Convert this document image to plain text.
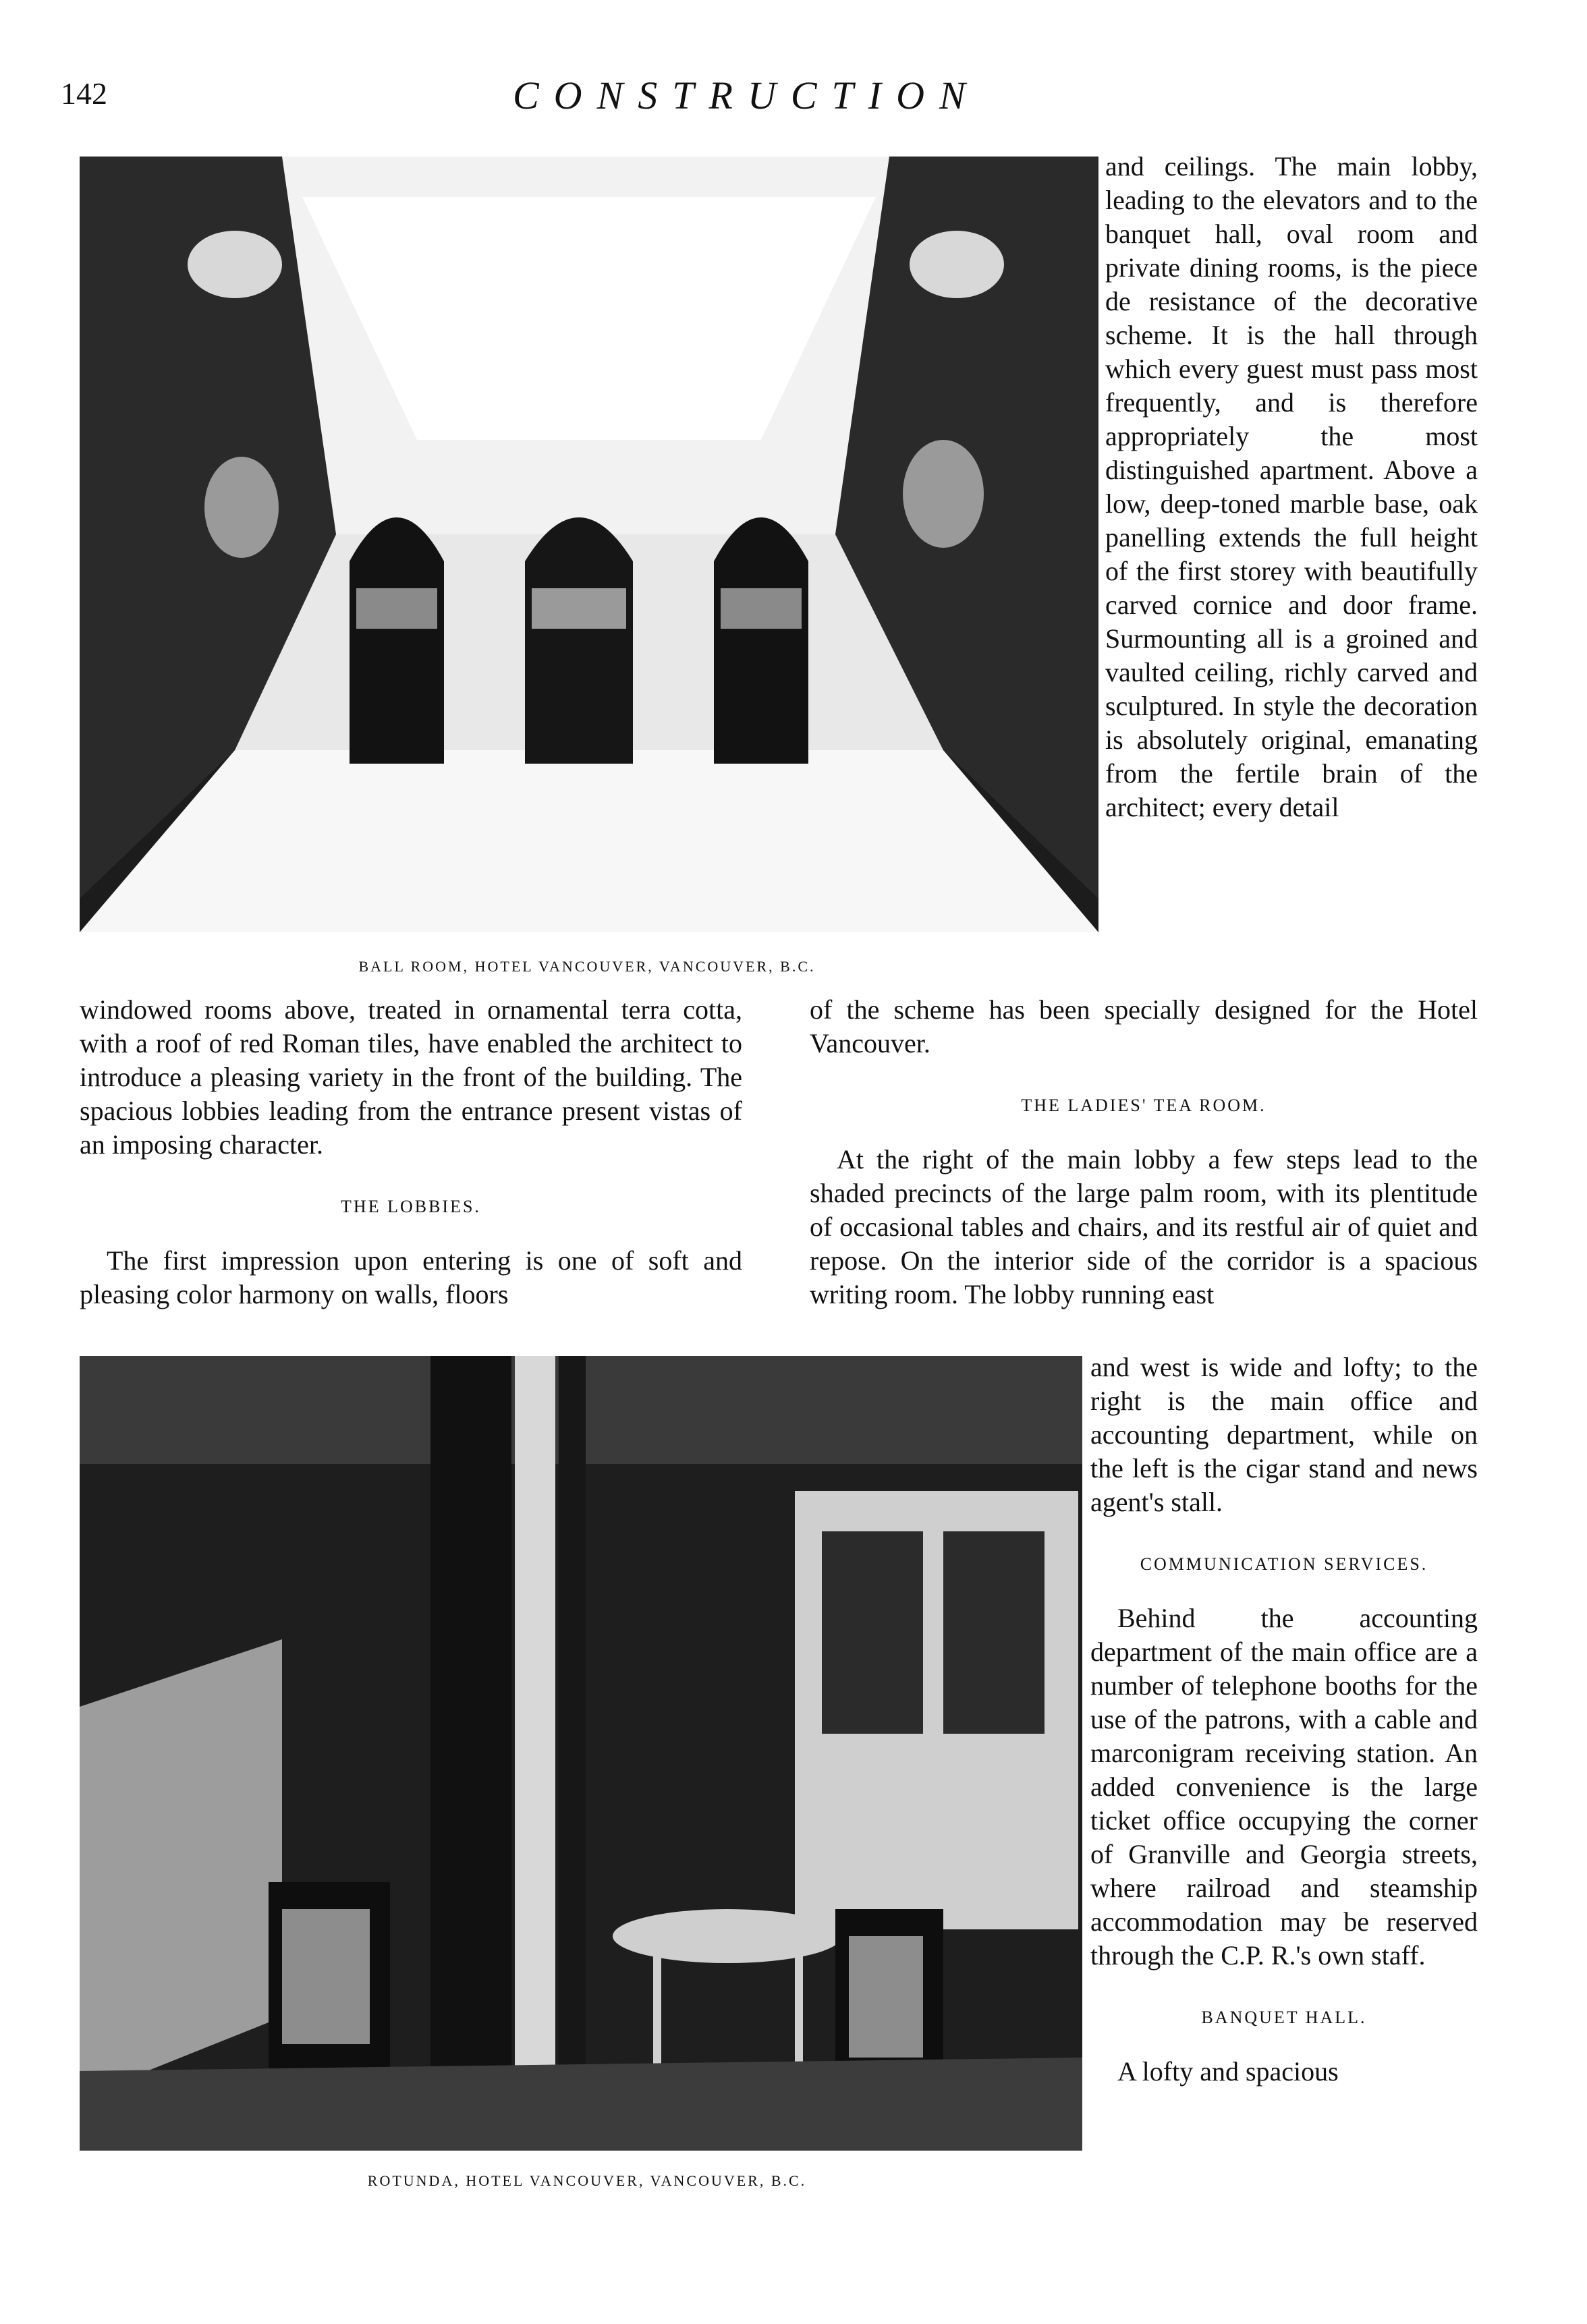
142	CONSTRUCTION
BALL ROOM, HOTEL VANCOUVER, VANCOUVER, B.C.

and ceilings. The main lobby, leading to the elevators and to the banquet hall, oval room and private dining rooms, is the piece de resistance of the decorative scheme. It is the hall through which every guest must pass most frequently, and is therefore appropriately the most distinguished apartment. Above a low, deep-toned marble base, oak panelling extends the full height of the first storey with beautifully carved cornice and door frame. Surmounting all is a groined and vaulted ceiling, richly carved and sculptured. In style the decoration is absolutely original, emanating from the fertile brain of the architect; every detail

windowed rooms above, treated in ornamental terra cotta, with a roof of red Roman tiles, have enabled the architect to introduce a pleasing variety in the front of the building. The spacious lobbies leading from the entrance present vistas of an imposing character.

THE LOBBIES.

The first impression upon entering is one of soft and pleasing color harmony on walls, floors

of the scheme has been specially designed for the Hotel Vancouver.

THE LADIES' TEA ROOM.

At the right of the main lobby a few steps lead to the shaded precincts of the large palm room, with its plentitude of occasional tables and chairs, and its restful air of quiet and repose. On the interior side of the corridor is a spacious writing room. The lobby running east

and west is wide and lofty; to the right is the main office and accounting department, while on the left is the cigar stand and news agent's stall.

COMMUNICATION SERVICES.

Behind the accounting department of the main office are a number of telephone booths for the use of the patrons, with a cable and marconigram receiving station. An added convenience is the large ticket office occupying the corner of Granville and Georgia streets, where railroad and steamship accommodation may be reserved through the C.P. R.'s own staff.

BANQUET HALL.

A lofty and spacious

ROTUNDA, HOTEL VANCOUVER, VANCOUVER, B.C.
